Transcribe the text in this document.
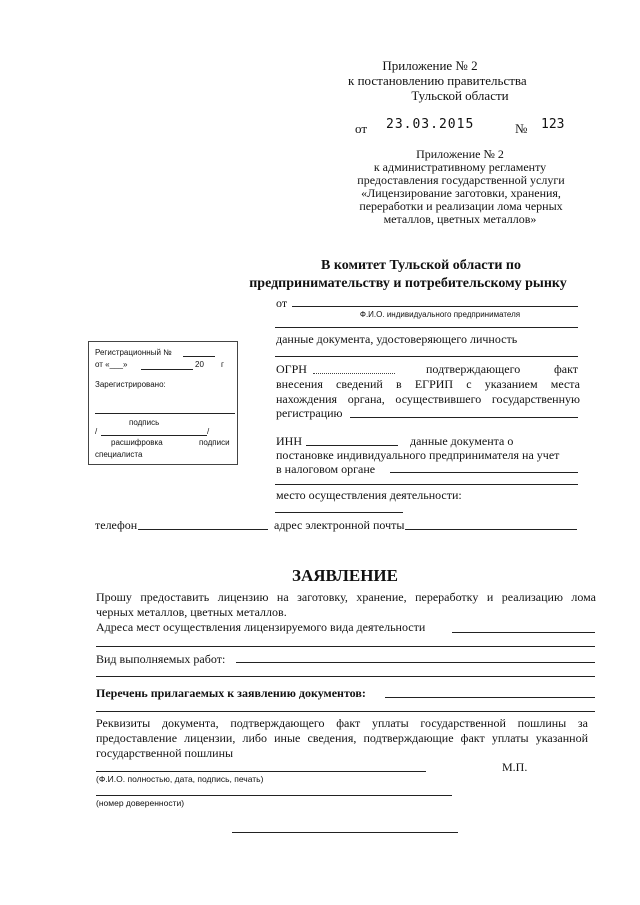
Приложение № 2
к постановлению правительства
Тульской области
от 23.03.2015	№ 123
Приложение № 2
к административному регламенту
предоставления государственной услуги
«Лицензирование заготовки, хранения,
переработки и реализации лома черных
металлов, цветных металлов»
В комитет Тульской области по
предпринимательству и потребительскому рынку
от
Ф.И.О. индивидуального предпринимателя
данные документа, удостоверяющего личность
ОГРН	подтверждающего	факт
внесения сведений в ЕГРИП с указанием места
нахождения органа, осуществившего государственную
регистрацию
ИНН	данные документа о
постановке индивидуального предпринимателя на учет
в налоговом органе
место осуществления деятельности:
Регистрационный №
от «___»	20 г
Зарегистрировано:
подпись
/	/
расшифровка	подписи
специалиста
телефон	адрес электронной почты
ЗАЯВЛЕНИЕ
Прошу предоставить лицензию на заготовку, хранение, переработку и реализацию лома
черных металлов, цветных металлов.
Адреса мест осуществления лицензируемого вида деятельности
Вид выполняемых работ:
Перечень прилагаемых к заявлению документов:
Реквизиты документа, подтверждающего факт уплаты государственной пошлины за
предоставление лицензии, либо иные сведения, подтверждающие факт уплаты указанной
государственной пошлины
М.П.
(Ф.И.О. полностью, дата, подпись, печать)
(номер доверенности)
